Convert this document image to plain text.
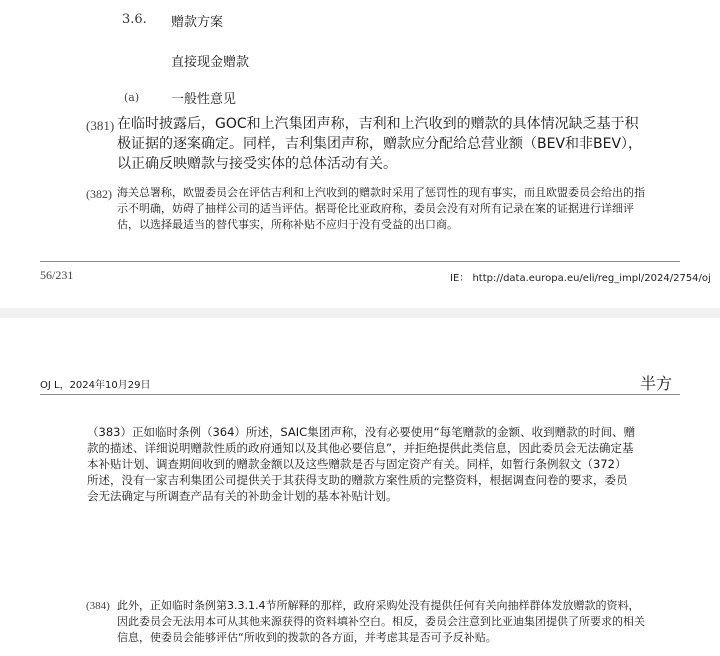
3.6. 赠款方案
直接现金赠款
(a) 一般性意见
(381) 在临时披露后，GOC和上汽集团声称，吉利和上汽收到的赠款的具体情况缺乏基于积极证据的逐案确定。同样，吉利集团声称，赠款应分配给总营业额（BEV和非BEV），以正确反映赠款与接受实体的总体活动有关。
(382) 海关总署称，欧盟委员会在评估吉利和上汽收到的赠款时采用了惩罚性的现有事实，而且欧盟委员会给出的指示不明确，妨碍了抽样公司的适当评估。据哥伦比亚政府称，委员会没有对所有记录在案的证据进行详细评估，以选择最适当的替代事实，所称补贴不应归于没有受益的出口商。
56/231	IE： http://data.europa.eu/eli/reg_impl/2024/2754/oj
OJ L，2024年10月29日	半方
（383）正如临时条例（364）所述，SAIC集团声称，没有必要使用“每笔赠款的金额、收到赠款的时间、赠款的描述、详细说明赠款性质的政府通知以及其他必要信息”，并拒绝提供此类信息，因此委员会无法确定基本补贴计划、调查期间收到的赠款金额以及这些赠款是否与固定资产有关。同样，如暂行条例叙文（372）所述，没有一家吉利集团公司提供关于其获得支助的赠款方案性质的完整资料，根据调查问卷的要求，委员会无法确定与所调查产品有关的补助金计划的基本补贴计划。
(384) 此外，正如临时条例第3.3.1.4节所解释的那样，政府采购处没有提供任何有关向抽样群体发放赠款的资料，因此委员会无法用本可从其他来源获得的资料填补空白。相反，委员会注意到比亚迪集团提供了所要求的相关信息，使委员会能够评估“所收到的拨款的各方面，并考虑其是否可予反补贴。
